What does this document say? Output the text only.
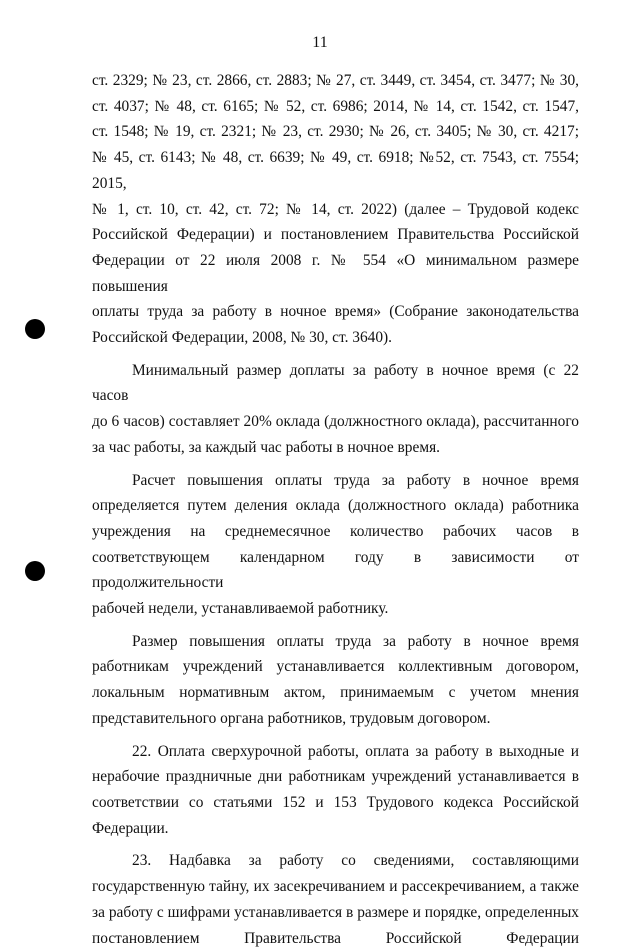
11

ст. 2329; № 23, ст. 2866, ст. 2883; № 27, ст. 3449, ст. 3454, ст. 3477; № 30,

ст. 4037; № 48, ст. 6165; № 52, ст. 6986; 2014, № 14, ст. 1542, ст. 1547,

ст. 1548; № 19, ст. 2321; № 23, ст. 2930; № 26, ст. 3405; № 30, ст. 4217;

№ 45, ст. 6143; № 48, ст. 6639; № 49, ст. 6918; №52, ст. 7543, ст. 7554; 2015,

№ 1, ст. 10, ст. 42, ст. 72; № 14, ст. 2022) (далее – Трудовой кодекс

Российской Федерации) и постановлением Правительства Российской

Федерации от 22 июля 2008 г. № 554 «О минимальном размере повышения

оплаты труда за работу в ночное время» (Собрание законодательства

Российской Федерации, 2008, № 30, ст. 3640).

Минимальный размер доплаты за работу в ночное время (с 22 часов

до 6 часов) составляет 20% оклада (должностного оклада), рассчитанного

за час работы, за каждый час работы в ночное время.

Расчет повышения оплаты труда за работу в ночное время

определяется путем деления оклада (должностного оклада) работника

учреждения на среднемесячное количество рабочих часов в

соответствующем календарном году в зависимости от продолжительности

рабочей недели, устанавливаемой работнику.

Размер повышения оплаты труда за работу в ночное время

работникам учреждений устанавливается коллективным договором,

локальным нормативным актом, принимаемым с учетом мнения

представительного органа работников, трудовым договором.

22. Оплата сверхурочной работы, оплата за работу в выходные и

нерабочие праздничные дни работникам учреждений устанавливается в

соответствии со статьями 152 и 153 Трудового кодекса Российской

Федерации.

23. Надбавка за работу со сведениями, составляющими

государственную тайну, их засекречиванием и рассекречиванием, а также

за работу с шифрами устанавливается в размере и порядке, определенных

постановлением Правительства Российской Федерации
